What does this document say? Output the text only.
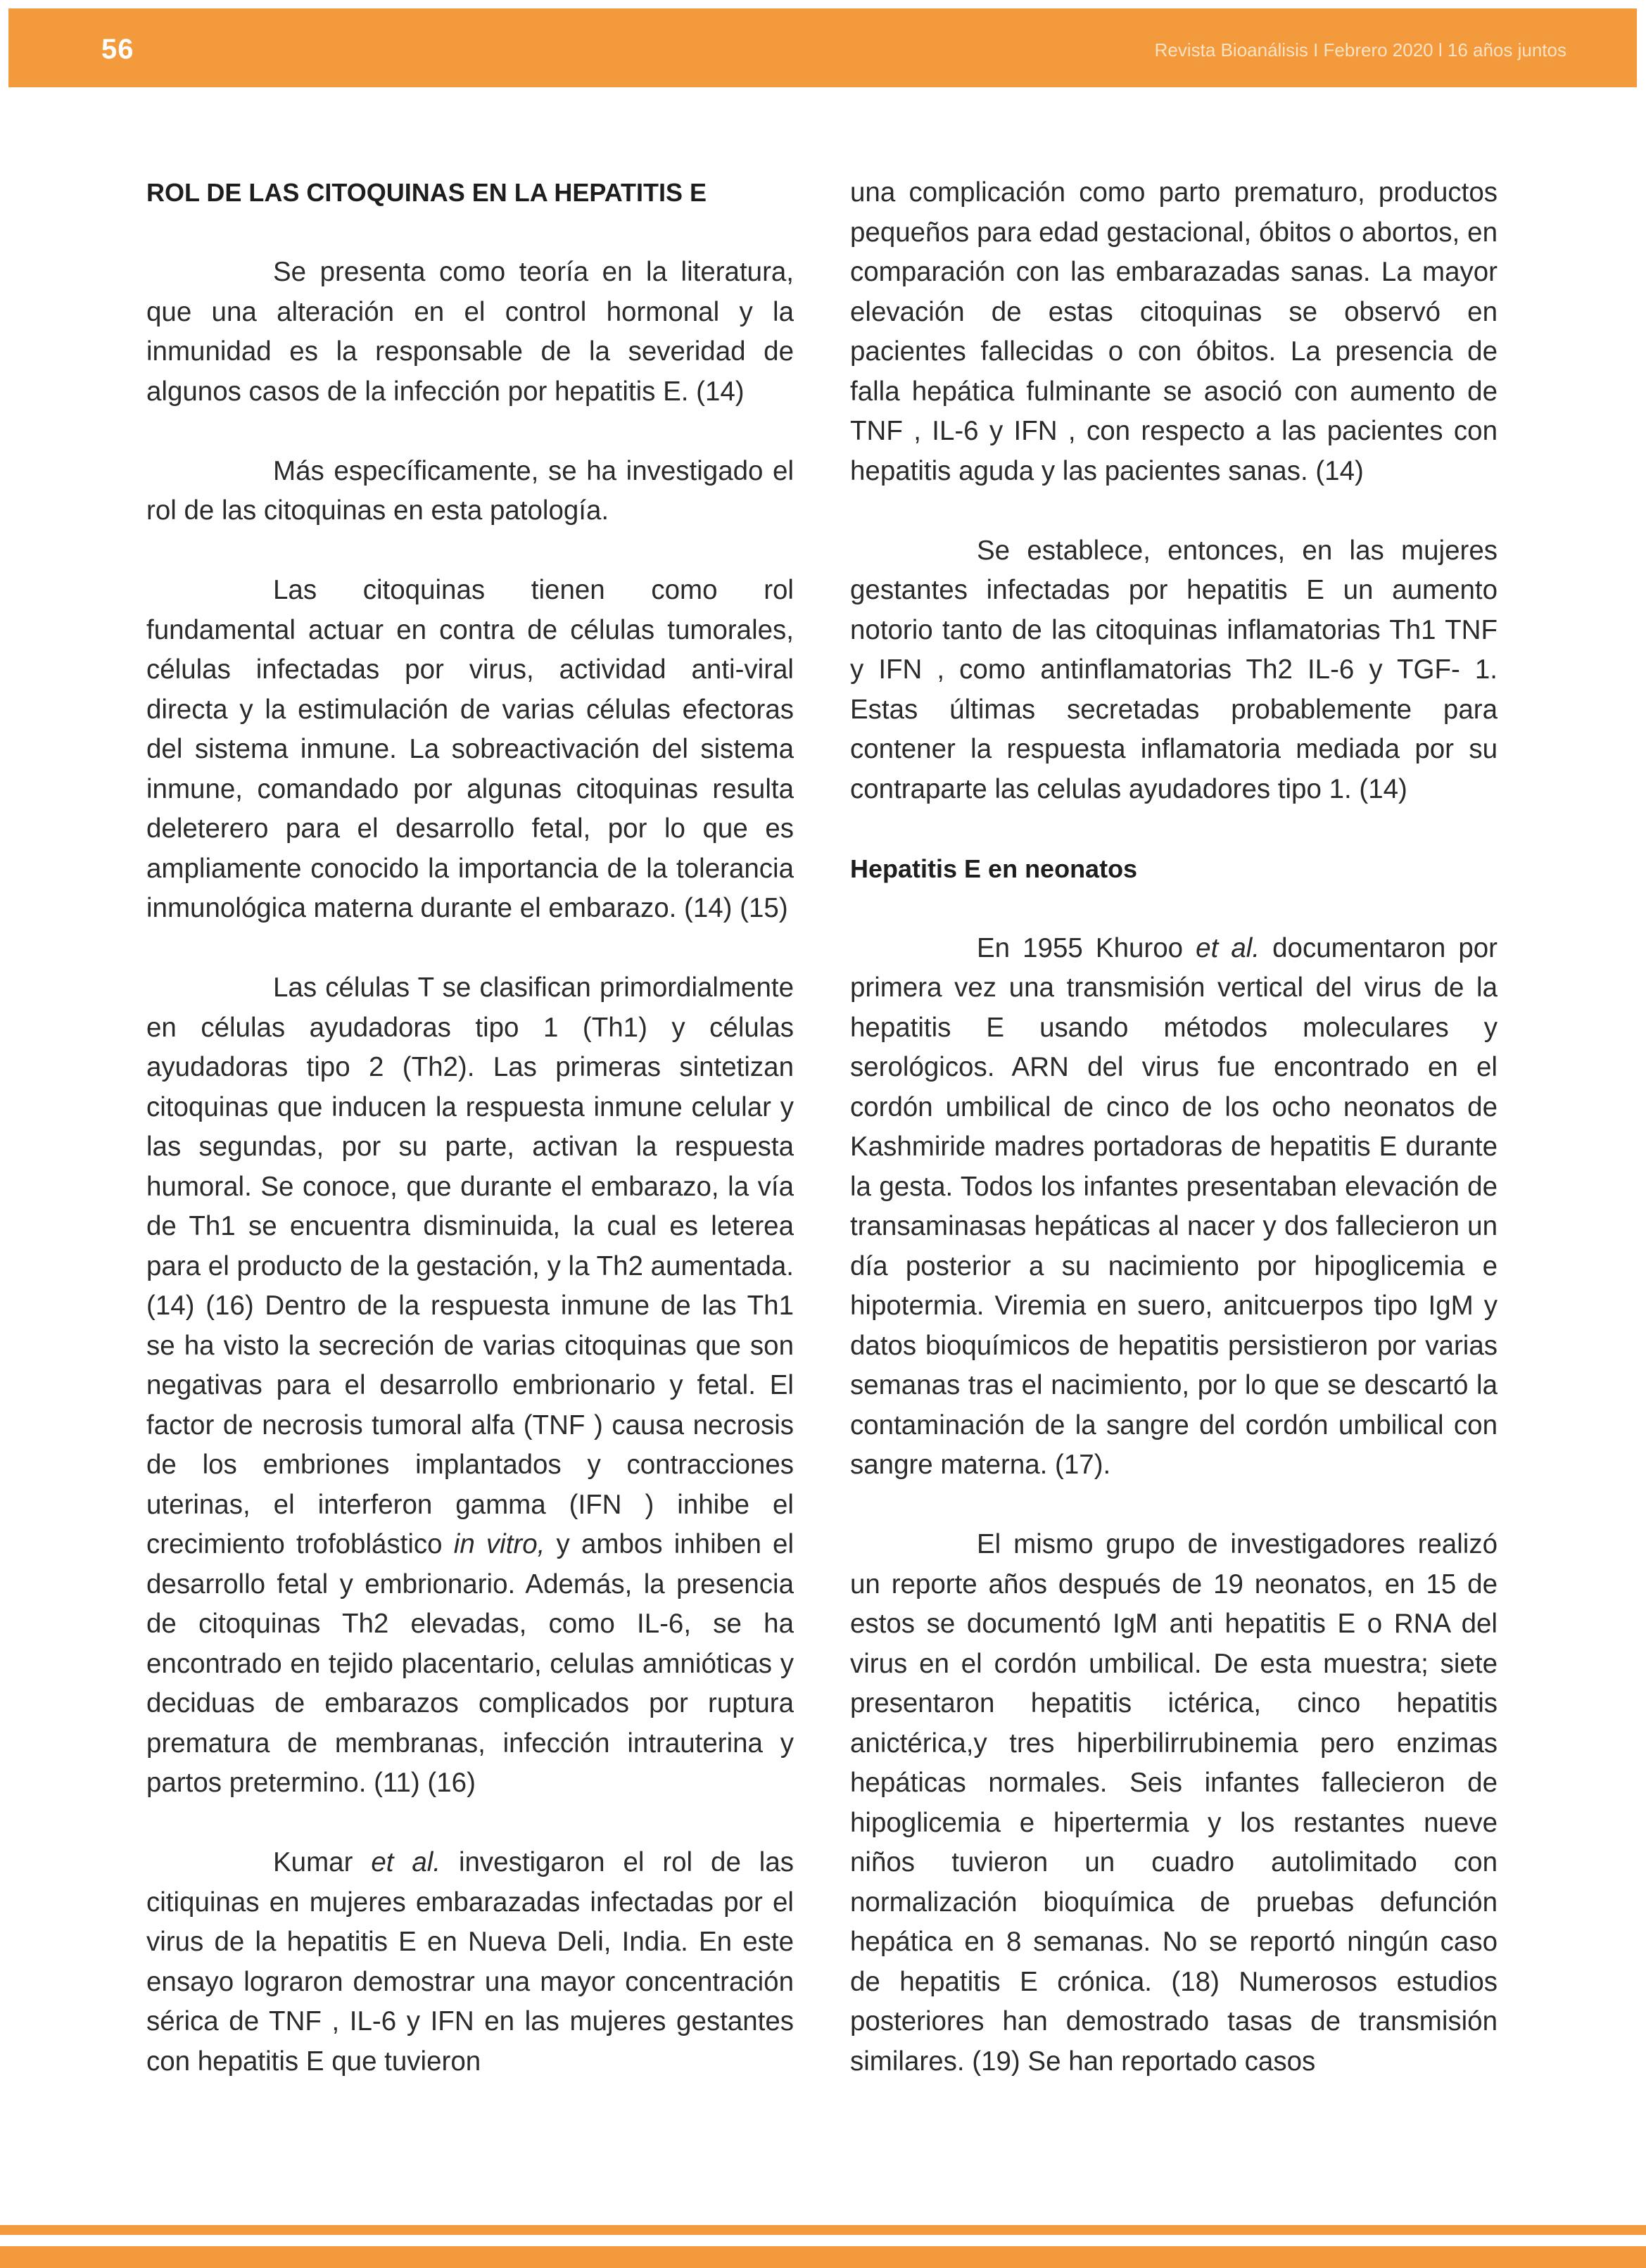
56	Revista Bioanálisis I Febrero 2020 l 16 años juntos
ROL DE LAS CITOQUINAS EN LA HEPATITIS E

Se presenta como teoría en la literatura, que una alteración en el control hormonal y la inmunidad es la responsable de la severidad de algunos casos de la infección por hepatitis E. (14)

Más específicamente, se ha investigado el rol de las citoquinas en esta patología.

Las citoquinas tienen como rol fundamental actuar en contra de células tumorales, células infectadas por virus, actividad anti-viral directa y la estimulación de varias células efectoras del sistema inmune. La sobreactivación del sistema inmune, comandado por algunas citoquinas resulta deleterero para el desarrollo fetal, por lo que es ampliamente conocido la importancia de la tolerancia inmunológica materna durante el embarazo. (14) (15)

Las células T se clasifican primordialmente en células ayudadoras tipo 1 (Th1) y células ayudadoras tipo 2 (Th2). Las primeras sintetizan citoquinas que inducen la respuesta inmune celular y las segundas, por su parte, activan la respuesta humoral. Se conoce, que durante el embarazo, la vía de Th1 se encuentra disminuida, la cual es leterea para el producto de la gestación, y la Th2 aumentada. (14) (16) Dentro de la respuesta inmune de las Th1 se ha visto la secreción de varias citoquinas que son negativas para el desarrollo embrionario y fetal. El factor de necrosis tumoral alfa (TNF ) causa necrosis de los embriones implantados y contracciones uterinas, el interferon gamma (IFN ) inhibe el crecimiento trofoblástico in vitro, y ambos inhiben el desarrollo fetal y embrionario. Además, la presencia de citoquinas Th2 elevadas, como IL-6, se ha encontrado en tejido placentario, celulas amnióticas y deciduas de embarazos complicados por ruptura prematura de membranas, infección intrauterina y partos pretermino. (11) (16)

Kumar et al. investigaron el rol de las citiquinas en mujeres embarazadas infectadas por el virus de la hepatitis E en Nueva Deli, India. En este ensayo lograron demostrar una mayor concentración sérica de TNF , IL-6 y IFN en las mujeres gestantes con hepatitis E que tuvieron

una complicación como parto prematuro, productos pequeños para edad gestacional, óbitos o abortos, en comparación con las embarazadas sanas. La mayor elevación de estas citoquinas se observó en pacientes fallecidas o con óbitos. La presencia de falla hepática fulminante se asoció con aumento de TNF , IL-6 y IFN , con respecto a las pacientes con hepatitis aguda y las pacientes sanas. (14)

Se establece, entonces, en las mujeres gestantes infectadas por hepatitis E un aumento notorio tanto de las citoquinas inflamatorias Th1 TNF y IFN , como antinflamatorias Th2 IL-6 y TGF- 1. Estas últimas secretadas probablemente para contener la respuesta inflamatoria mediada por su contraparte las celulas ayudadores tipo 1. (14)

Hepatitis E en neonatos

En 1955 Khuroo et al. documentaron por primera vez una transmisión vertical del virus de la hepatitis E usando métodos moleculares y serológicos. ARN del virus fue encontrado en el cordón umbilical de cinco de los ocho neonatos de Kashmiride madres portadoras de hepatitis E durante la gesta. Todos los infantes presentaban elevación de transaminasas hepáticas al nacer y dos fallecieron un día posterior a su nacimiento por hipoglicemia e hipotermia. Viremia en suero, anitcuerpos tipo IgM y datos bioquímicos de hepatitis persistieron por varias semanas tras el nacimiento, por lo que se descartó la contaminación de la sangre del cordón umbilical con sangre materna. (17).

El mismo grupo de investigadores realizó un reporte años después de 19 neonatos, en 15 de estos se documentó IgM anti hepatitis E o RNA del virus en el cordón umbilical. De esta muestra; siete presentaron hepatitis ictérica, cinco hepatitis anictérica,y tres hiperbilirrubinemia pero enzimas hepáticas normales. Seis infantes fallecieron de hipoglicemia e hipertermia y los restantes nueve niños tuvieron un cuadro autolimitado con normalización bioquímica de pruebas defunción hepática en 8 semanas. No se reportó ningún caso de hepatitis E crónica. (18) Numerosos estudios posteriores han demostrado tasas de transmisión similares. (19) Se han reportado casos
